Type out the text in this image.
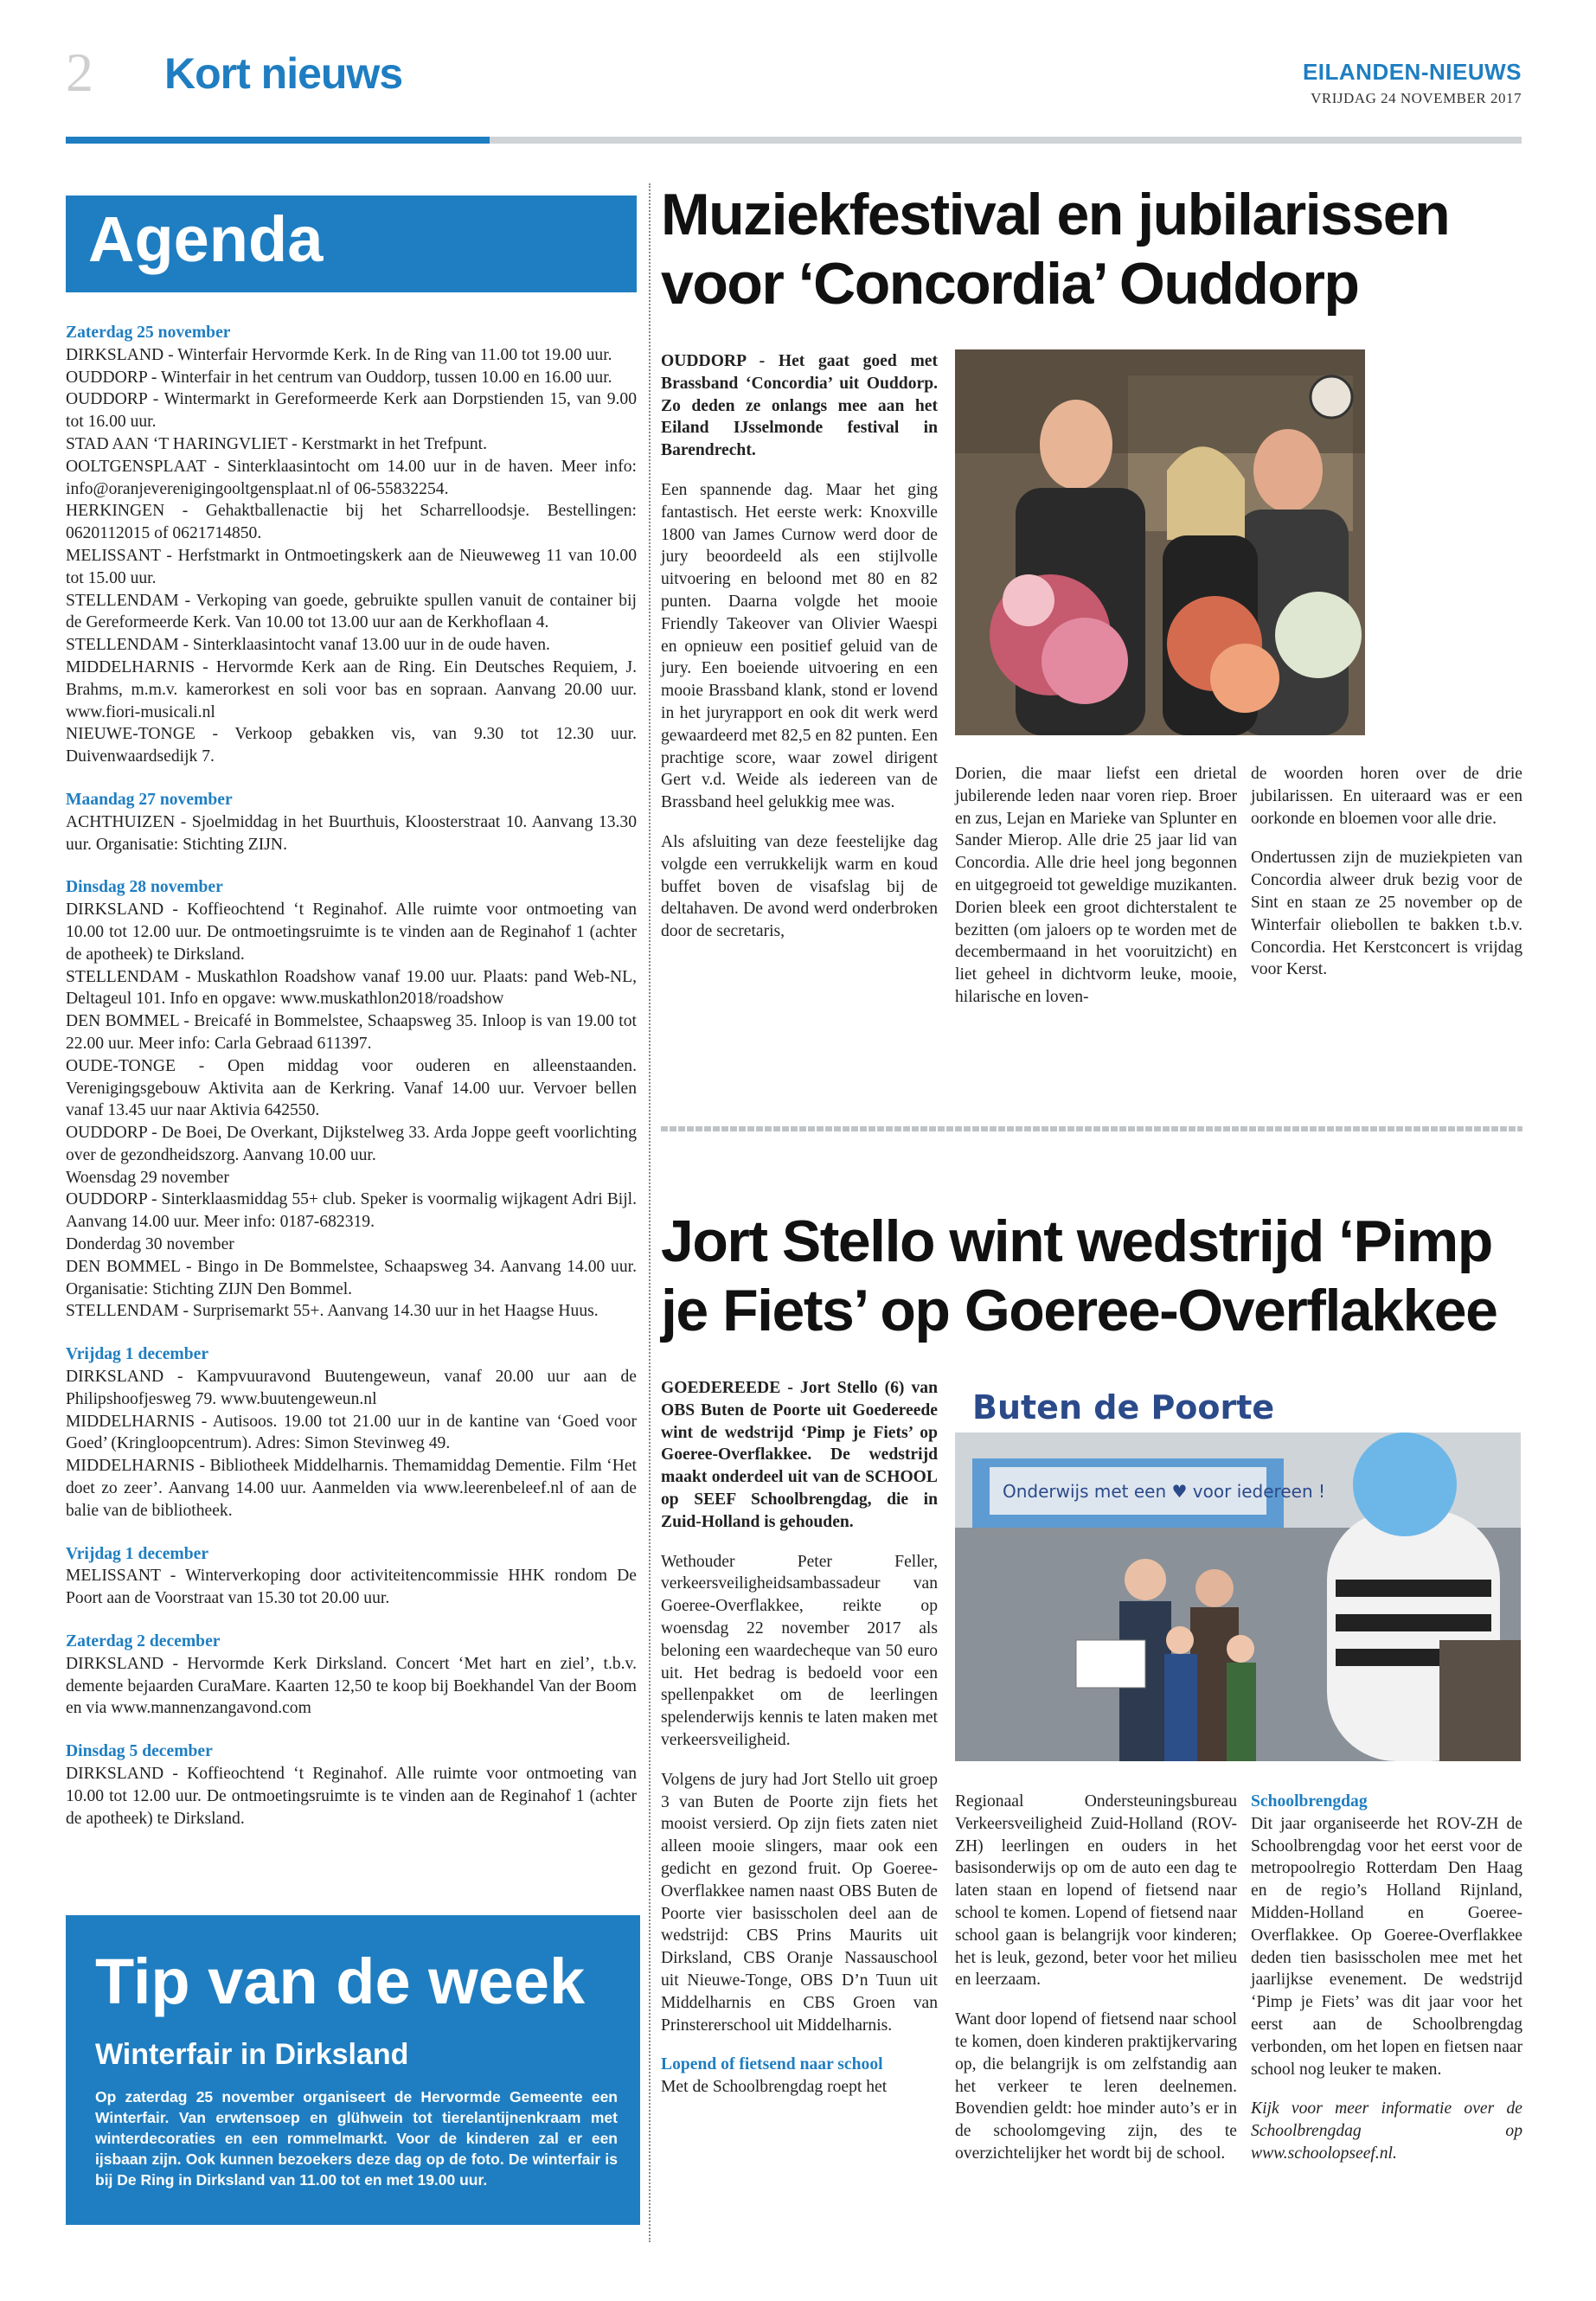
2 Kort nieuws	EILANDEN-NIEUWS
VRIJDAG 24 NOVEMBER 2017
Agenda
Zaterdag 25 november

DIRKSLAND - Winterfair Hervormde Kerk. In de Ring van 11.00 tot 19.00 uur.

OUDDORP - Winterfair in het centrum van Ouddorp, tussen 10.00 en 16.00 uur.

OUDDORP - Wintermarkt in Gereformeerde Kerk aan Dorpstienden 15, van 9.00 tot 16.00 uur.

STAD AAN ‘T HARINGVLIET - Kerstmarkt in het Trefpunt.

OOLTGENSPLAAT - Sinterklaasintocht om 14.00 uur in de haven. Meer info: info@oranjeverenigingooltgensplaat.nl of 06-55832254.

HERKINGEN - Gehaktballenactie bij het Scharrelloodsje. Bestellingen: 0620112015 of 0621714850.

MELISSANT - Herfstmarkt in Ontmoetingskerk aan de Nieuweweg 11 van 10.00 tot 15.00 uur.

STELLENDAM - Verkoping van goede, gebruikte spullen vanuit de container bij de Gereformeerde Kerk. Van 10.00 tot 13.00 uur aan de Kerkhoflaan 4.

STELLENDAM - Sinterklaasintocht vanaf 13.00 uur in de oude haven.

MIDDELHARNIS - Hervormde Kerk aan de Ring. Ein Deutsches Requiem, J. Brahms, m.m.v. kamerorkest en soli voor bas en sopraan. Aanvang 20.00 uur. www.fiori-musicali.nl

NIEUWE-TONGE - Verkoop gebakken vis, van 9.30 tot 12.30 uur. Duivenwaardsedijk 7.

Maandag 27 november

ACHTHUIZEN - Sjoelmiddag in het Buurthuis, Kloosterstraat 10. Aanvang 13.30 uur. Organisatie: Stichting ZIJN.

Dinsdag 28 november

DIRKSLAND - Koffieochtend ‘t Reginahof. Alle ruimte voor ontmoeting van 10.00 tot 12.00 uur. De ontmoetingsruimte is te vinden aan de Reginahof 1 (achter de apotheek) te Dirksland.

STELLENDAM - Muskathlon Roadshow vanaf 19.00 uur. Plaats: pand Web-NL, Deltageul 101. Info en opgave: www.muskathlon2018/roadshow

DEN BOMMEL - Breicafé in Bommelstee, Schaapsweg 35. Inloop is van 19.00 tot 22.00 uur. Meer info: Carla Gebraad 611397.

OUDE-TONGE - Open middag voor ouderen en alleenstaanden. Verenigingsgebouw Aktivita aan de Kerkring. Vanaf 14.00 uur. Vervoer bellen vanaf 13.45 uur naar Aktivia 642550.

OUDDORP - De Boei, De Overkant, Dijkstelweg 33. Arda Joppe geeft voorlichting over de gezondheidszorg. Aanvang 10.00 uur.

Woensdag 29 november

OUDDORP - Sinterklaasmiddag 55+ club. Speker is voormalig wijkagent Adri Bijl. Aanvang 14.00 uur. Meer info: 0187-682319.

Donderdag 30 november

DEN BOMMEL - Bingo in De Bommelstee, Schaapsweg 34. Aanvang 14.00 uur. Organisatie: Stichting ZIJN Den Bommel.

STELLENDAM - Surprisemarkt 55+. Aanvang 14.30 uur in het Haagse Huus.

Vrijdag 1 december

DIRKSLAND - Kampvuuravond Buutengeweun, vanaf 20.00 uur aan de Philipshoofjesweg 79. www.buutengeweun.nl

MIDDELHARNIS - Autisoos. 19.00 tot 21.00 uur in de kantine van ‘Goed voor Goed’ (Kringloopcentrum). Adres: Simon Stevinweg 49.

MIDDELHARNIS - Bibliotheek Middelharnis. Themamiddag Dementie. Film ‘Het doet zo zeer’. Aanvang 14.00 uur. Aanmelden via www.leerenbeleef.nl of aan de balie van de bibliotheek.

Vrijdag 1 december

MELISSANT - Winterverkoping door activiteitencommissie HHK rondom De Poort aan de Voorstraat van 15.30 tot 20.00 uur.

Zaterdag 2 december

DIRKSLAND - Hervormde Kerk Dirksland. Concert ‘Met hart en ziel’, t.b.v. demente bejaarden CuraMare. Kaarten 12,50 te koop bij Boekhandel Van der Boom en via www.mannenzangavond.com

Dinsdag 5 december

DIRKSLAND - Koffieochtend ‘t Reginahof. Alle ruimte voor ontmoeting van 10.00 tot 12.00 uur. De ontmoetingsruimte is te vinden aan de Reginahof 1 (achter de apotheek) te Dirksland.

Tip van de week
Winterfair in Dirksland
Op zaterdag 25 november organiseert de Hervormde Gemeente een Winterfair. Van erwtensoep en glühwein tot tierelantijnenkraam met winterdecoraties en een rommelmarkt. Voor de kinderen zal er een ijsbaan zijn. Ook kunnen bezoekers deze dag op de foto. De winterfair is bij De Ring in Dirksland van 11.00 tot en met 19.00 uur.
Muziekfestival en jubilarissen voor ‘Concordia’ Ouddorp

OUDDORP - Het gaat goed met Brassband ‘Concordia’ uit Ouddorp. Zo deden ze onlangs mee aan het Eiland IJsselmonde festival in Barendrecht.

Een spannende dag. Maar het ging fantastisch. Het eerste werk: Knoxville 1800 van James Curnow werd door de jury beoordeeld als een stijlvolle uitvoering en beloond met 80 en 82 punten. Daarna volgde het mooie Friendly Takeover van Olivier Waespi en opnieuw een positief geluid van de jury. Een boeiende uitvoering en een mooie Brassband klank, stond er lovend in het juryrapport en ook dit werk werd gewaardeerd met 82,5 en 82 punten. Een prachtige score, waar zowel dirigent Gert v.d. Weide als iedereen van de Brassband heel gelukkig mee was.

Als afsluiting van deze feestelijke dag volgde een verrukkelijk warm en koud buffet boven de visafslag bij de deltahaven. De avond werd onderbroken door de secretaris,

Dorien, die maar liefst een drietal jubilerende leden naar voren riep. Broer en zus, Lejan en Marieke van Splunter en Sander Mierop. Alle drie 25 jaar lid van Concordia. Alle drie heel jong begonnen en uitgegroeid tot geweldige muzikanten. Dorien bleek een groot dichterstalent te bezitten (om jaloers op te worden met de decembermaand in het vooruitzicht) en liet geheel in dichtvorm leuke, mooie, hilarische en loven-

de woorden horen over de drie jubilarissen. En uiteraard was er een oorkonde en bloemen voor alle drie.

Ondertussen zijn de muziekpieten van Concordia alweer druk bezig voor de Sint en staan ze 25 november op de Winterfair oliebollen te bakken t.b.v. Concordia. Het Kerstconcert is vrijdag voor Kerst.

Jort Stello wint wedstrijd ‘Pimp je Fiets’ op Goeree-Overflakkee

GOEDEREEDE - Jort Stello (6) van OBS Buten de Poorte uit Goedereede wint de wedstrijd ‘Pimp je Fiets’ op Goeree-Overflakkee. De wedstrijd maakt onderdeel uit van de SCHOOL op SEEF Schoolbrengdag, die in Zuid-Holland is gehouden.

Wethouder Peter Feller, verkeersveiligheidsambassadeur van Goeree-Overflakkee, reikte op woensdag 22 november 2017 als beloning een waardecheque van 50 euro uit. Het bedrag is bedoeld voor een spellenpakket om de leerlingen spelenderwijs kennis te laten maken met verkeersveiligheid.

Volgens de jury had Jort Stello uit groep 3 van Buten de Poorte zijn fiets het mooist versierd. Op zijn fiets zaten niet alleen mooie slingers, maar ook een gedicht en gezond fruit. Op Goeree-Overflakkee namen naast OBS Buten de Poorte vier basisscholen deel aan de wedstrijd: CBS Prins Maurits uit Dirksland, CBS Oranje Nassauschool uit Nieuwe-Tonge, OBS D’n Tuun uit Middelharnis en CBS Groen van Prinstererschool uit Middelharnis.

Lopend of fietsend naar school

Met de Schoolbrengdag roept het

Buten de Poorte
Onderwijs met een ♥ voor iedereen !

Regionaal Ondersteuningsbureau Verkeersveiligheid Zuid-Holland (ROV-ZH) leerlingen en ouders in het basisonderwijs op om de auto een dag te laten staan en lopend of fietsend naar school te komen. Lopend of fietsend naar school gaan is belangrijk voor kinderen; het is leuk, gezond, beter voor het milieu en leerzaam.

Want door lopend of fietsend naar school te komen, doen kinderen praktijkervaring op, die belangrijk is om zelfstandig aan het verkeer te leren deelnemen. Bovendien geldt: hoe minder auto’s er in de schoolomgeving zijn, des te overzichtelijker het wordt bij de school.

Schoolbrengdag

Dit jaar organiseerde het ROV-ZH de Schoolbrengdag voor het eerst voor de metropoolregio Rotterdam Den Haag en de regio’s Holland Rijnland, Midden-Holland en Goeree-Overflakkee. Op Goeree-Overflakkee deden tien basisscholen mee met het jaarlijkse evenement. De wedstrijd ‘Pimp je Fiets’ was dit jaar voor het eerst aan de Schoolbrengdag verbonden, om het lopen en fietsen naar school nog leuker te maken.

Kijk voor meer informatie over de Schoolbrengdag op www.schoolopseef.nl.
